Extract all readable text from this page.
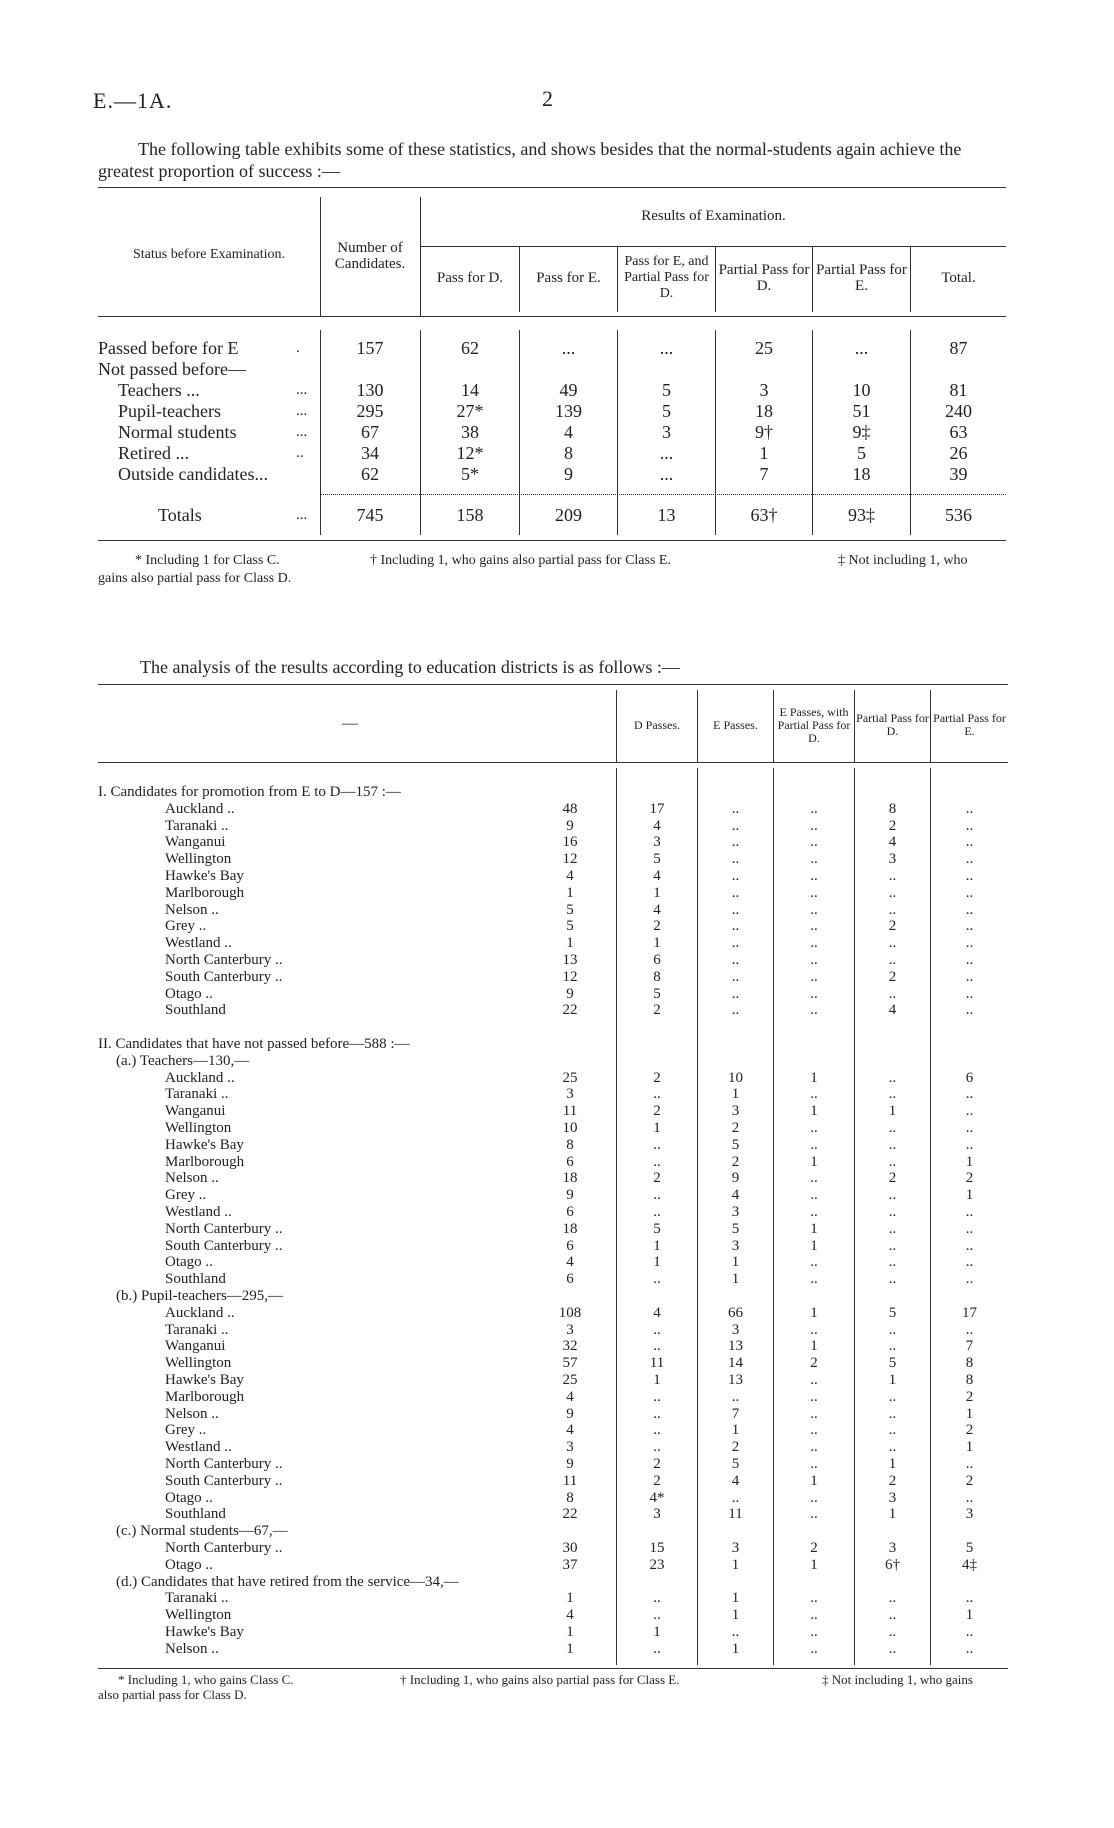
E.—1A.	2
The following table exhibits some of these statistics, and shows besides that the normal-students again achieve the greatest proportion of success :—
Status before Examination.	Number of Candidates.
Results of Examination.
Pass for D.	Pass for E.
Pass for E, and Partial Pass for D.
Partial Pass for D.
Partial Pass for E.	Total.
Passed before for E	.	157	62	...	...	25	...	87
Not passed before—
Teachers ...	...	130	14	49	5	3	10	81
Pupil-teachers	...	295	27*	139	5	18	51	240
Normal students	...	67	38	4	3	9†	9‡	63
Retired ...	..	34	12*	8	...	1	5	26
Outside candidates...	62	5*	9	...	7	18	39
Totals	...	745	158	209	13	63†	93‡	536
* Including 1 for Class C.	† Including 1, who gains also partial pass for Class E.	‡ Not including 1, who
gains also partial pass for Class D.
The analysis of the results according to education districts is as follows :—
—	D Passes.	E Passes.
E Passes, with Partial Pass for D.
Partial Pass for D.
Partial Pass for E.
I. Candidates for promotion from E to D—157 :—
Auckland ..	48	17	..	..	8	..
Taranaki ..	9	4	..	..	2	..
Wanganui	16	3	..	..	4	..
Wellington	12	5	..	..	3	..
Hawke's Bay	4	4	..	..	..	..
Marlborough	1	1	..	..	..	..
Nelson ..	5	4	..	..	..	..
Grey ..	5	2	..	..	2	..
Westland ..	1	1	..	..	..	..
North Canterbury ..	13	6	..	..	..	..
South Canterbury ..	12	8	..	..	2	..
Otago ..	9	5	..	..	..	..
Southland	22	2	..	..	4	..
II. Candidates that have not passed before—588 :—
(a.) Teachers—130,—
Auckland ..	25	2	10	1	..	6
Taranaki ..	3	..	1	..	..	..
Wanganui	11	2	3	1	1	..
Wellington	10	1	2	..	..	..
Hawke's Bay	8	..	5	..	..	..
Marlborough	6	..	2	1	..	1
Nelson ..	18	2	9	..	2	2
Grey ..	9	..	4	..	..	1
Westland ..	6	..	3	..	..	..
North Canterbury ..	18	5	5	1	..	..
South Canterbury ..	6	1	3	1	..	..
Otago ..	4	1	1	..	..	..
Southland	6	..	1	..	..	..
(b.) Pupil-teachers—295,—
Auckland ..	108	4	66	1	5	17
Taranaki ..	3	..	3	..	..	..
Wanganui	32	..	13	1	..	7
Wellington	57	11	14	2	5	8
Hawke's Bay	25	1	13	..	1	8
Marlborough	4	..	..	..	..	2
Nelson ..	9	..	7	..	..	1
Grey ..	4	..	1	..	..	2
Westland ..	3	..	2	..	..	1
North Canterbury ..	9	2	5	..	1	..
South Canterbury ..	11	2	4	1	2	2
Otago ..	8	4*	..	..	3	..
Southland	22	3	11	..	1	3
(c.) Normal students—67,—
North Canterbury ..	30	15	3	2	3	5
Otago ..	37	23	1	1	6†	4‡
(d.) Candidates that have retired from the service—34,—
Taranaki ..	1	..	1	..	..	..
Wellington	4	..	1	..	..	1
Hawke's Bay	1	1	..	..	..	..
Nelson ..	1	..	1	..	..	..
* Including 1, who gains Class C.	† Including 1, who gains also partial pass for Class E.	‡ Not including 1, who gains
also partial pass for Class D.
